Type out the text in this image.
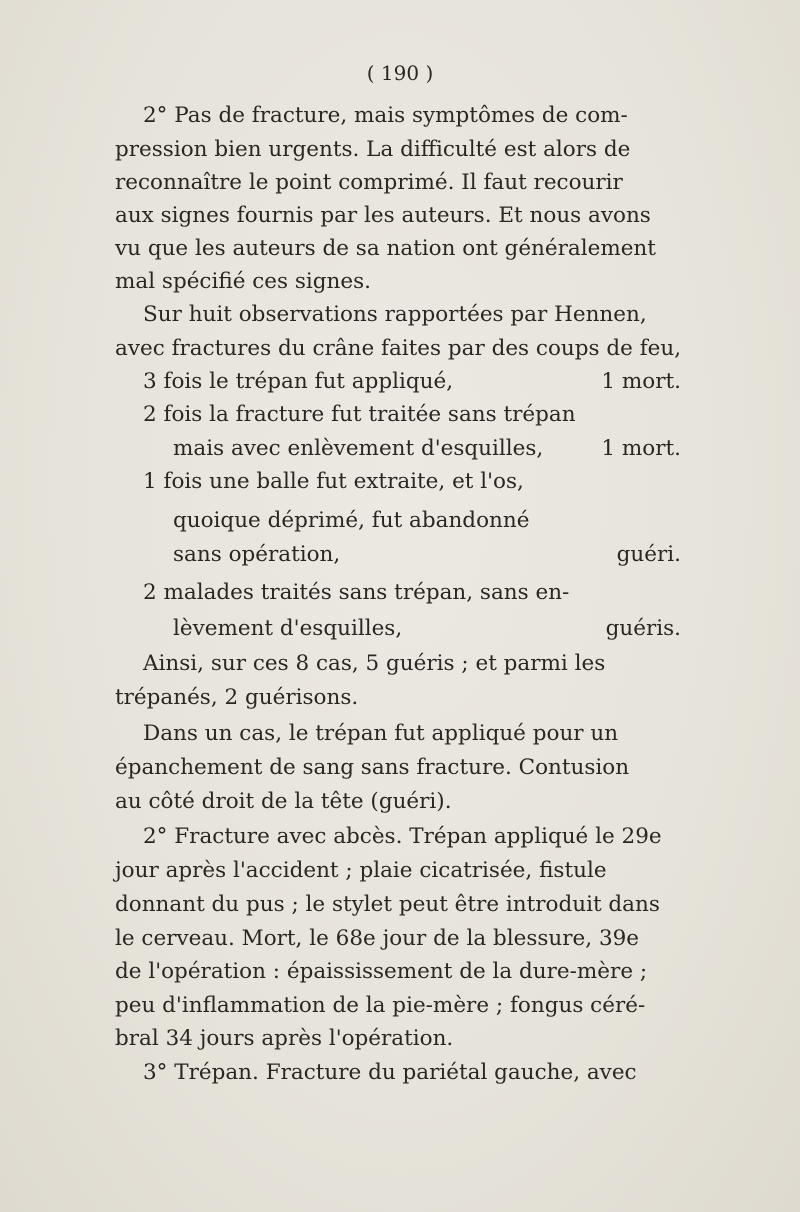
( 190 )
2° Pas de fracture, mais symptômes de com-
pression bien urgents. La difficulté est alors de
reconnaître le point comprimé. Il faut recourir
aux signes fournis par les auteurs. Et nous avons
vu que les auteurs de sa nation ont généralement
mal spécifié ces signes.
Sur huit observations rapportées par Hennen,
avec fractures du crâne faites par des coups de feu,
3 fois le trépan fut appliqué,	1 mort.
2 fois la fracture fut traitée sans trépan
mais avec enlèvement d'esquilles,	1 mort.
1 fois une balle fut extraite, et l'os,
quoique déprimé, fut abandonné
sans opération,	guéri.
2 malades traités sans trépan, sans en-
lèvement d'esquilles,	guéris.
Ainsi, sur ces 8 cas, 5 guéris ; et parmi les
trépanés, 2 guérisons.
Dans un cas, le trépan fut appliqué pour un
épanchement de sang sans fracture. Contusion
au côté droit de la tête (guéri).
2° Fracture avec abcès. Trépan appliqué le 29e
jour après l'accident ; plaie cicatrisée, fistule
donnant du pus ; le stylet peut être introduit dans
le cerveau. Mort, le 68e jour de la blessure, 39e
de l'opération : épaississement de la dure-mère ;
peu d'inflammation de la pie-mère ; fongus céré-
bral 34 jours après l'opération.
3° Trépan. Fracture du pariétal gauche, avec
